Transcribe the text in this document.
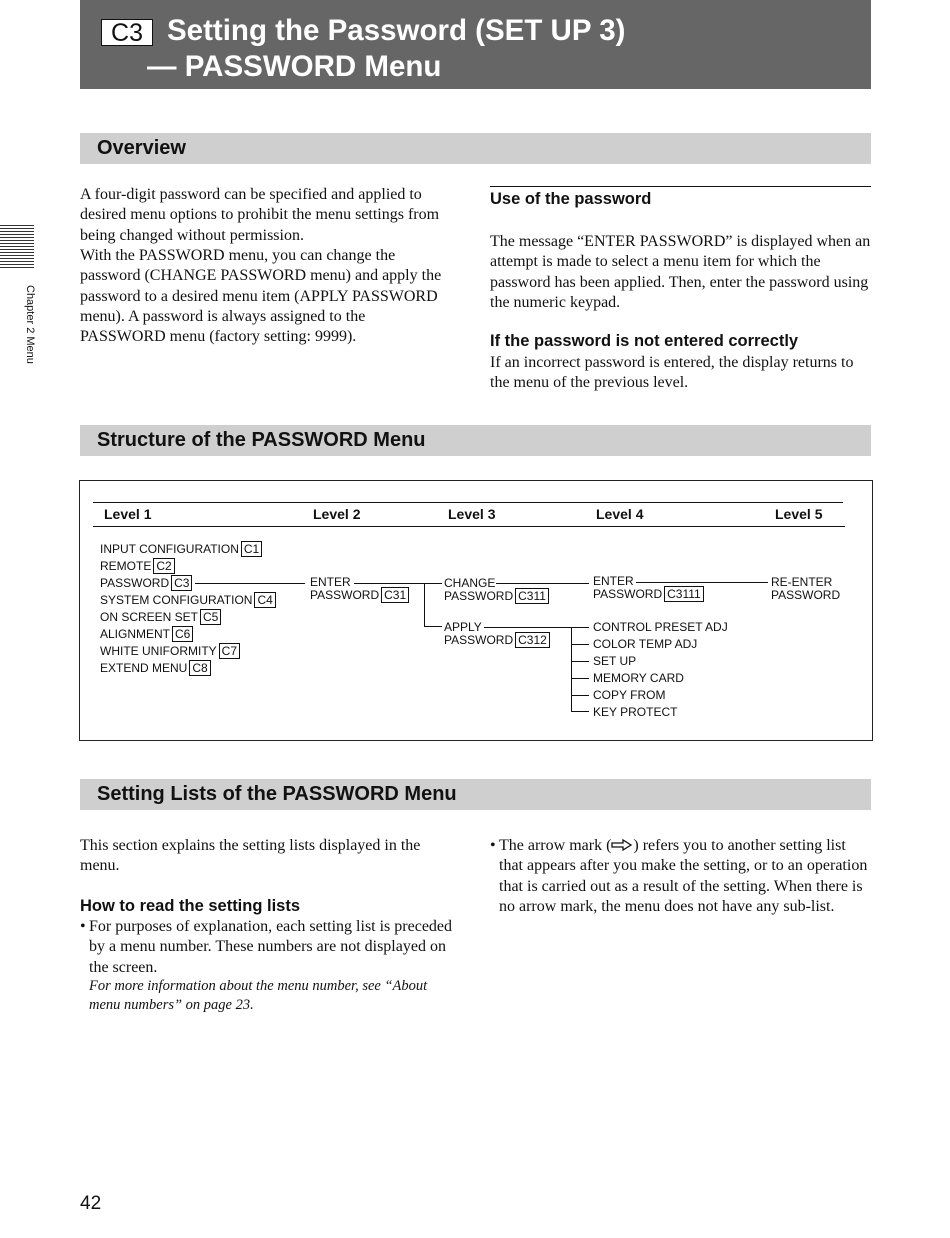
C3 Setting the Password (SET UP 3)
— PASSWORD Menu
Chapter 2 Menu
Overview

A four-digit password can be specified and applied to desired menu options to prohibit the menu settings from being changed without permission.

With the PASSWORD menu, you can change the password (CHANGE PASSWORD menu) and apply the password to a desired menu item (APPLY PASSWORD menu). A password is always assigned to the PASSWORD menu (factory setting: 9999).

Use of the password

The message “ENTER PASSWORD” is displayed when an attempt is made to select a menu item for which the password has been applied. Then, enter the password using the numeric keypad.

If the password is not entered correctly

If an incorrect password is entered, the display returns to the menu of the previous level.

Structure of the PASSWORD Menu
Level 1	Level 2	Level 3	Level 4	Level 5
INPUT CONFIGURATION C1
REMOTE C2
PASSWORD C3
SYSTEM CONFIGURATION C4
ON SCREEN SET C5
ALIGNMENT C6
WHITE UNIFORMITY C7
EXTEND MENU C8
ENTER
PASSWORD C31
CHANGE
PASSWORD C311
APPLY
PASSWORD C312
ENTER
PASSWORD C3111
CONTROL PRESET ADJ
COLOR TEMP ADJ
SET UP
MEMORY CARD
COPY FROM
KEY PROTECT
RE-ENTER
PASSWORD
Setting Lists of the PASSWORD Menu

This section explains the setting lists displayed in the menu.

How to read the setting lists
• For purposes of explanation, each setting list is preceded by a menu number. These numbers are not displayed on the screen.
For more information about the menu number, see “About menu numbers” on page 23.
• The arrow mark ( ) refers you to another setting list that appears after you make the setting, or to an operation that is carried out as a result of the setting. When there is no arrow mark, the menu does not have any sub-list.
42
